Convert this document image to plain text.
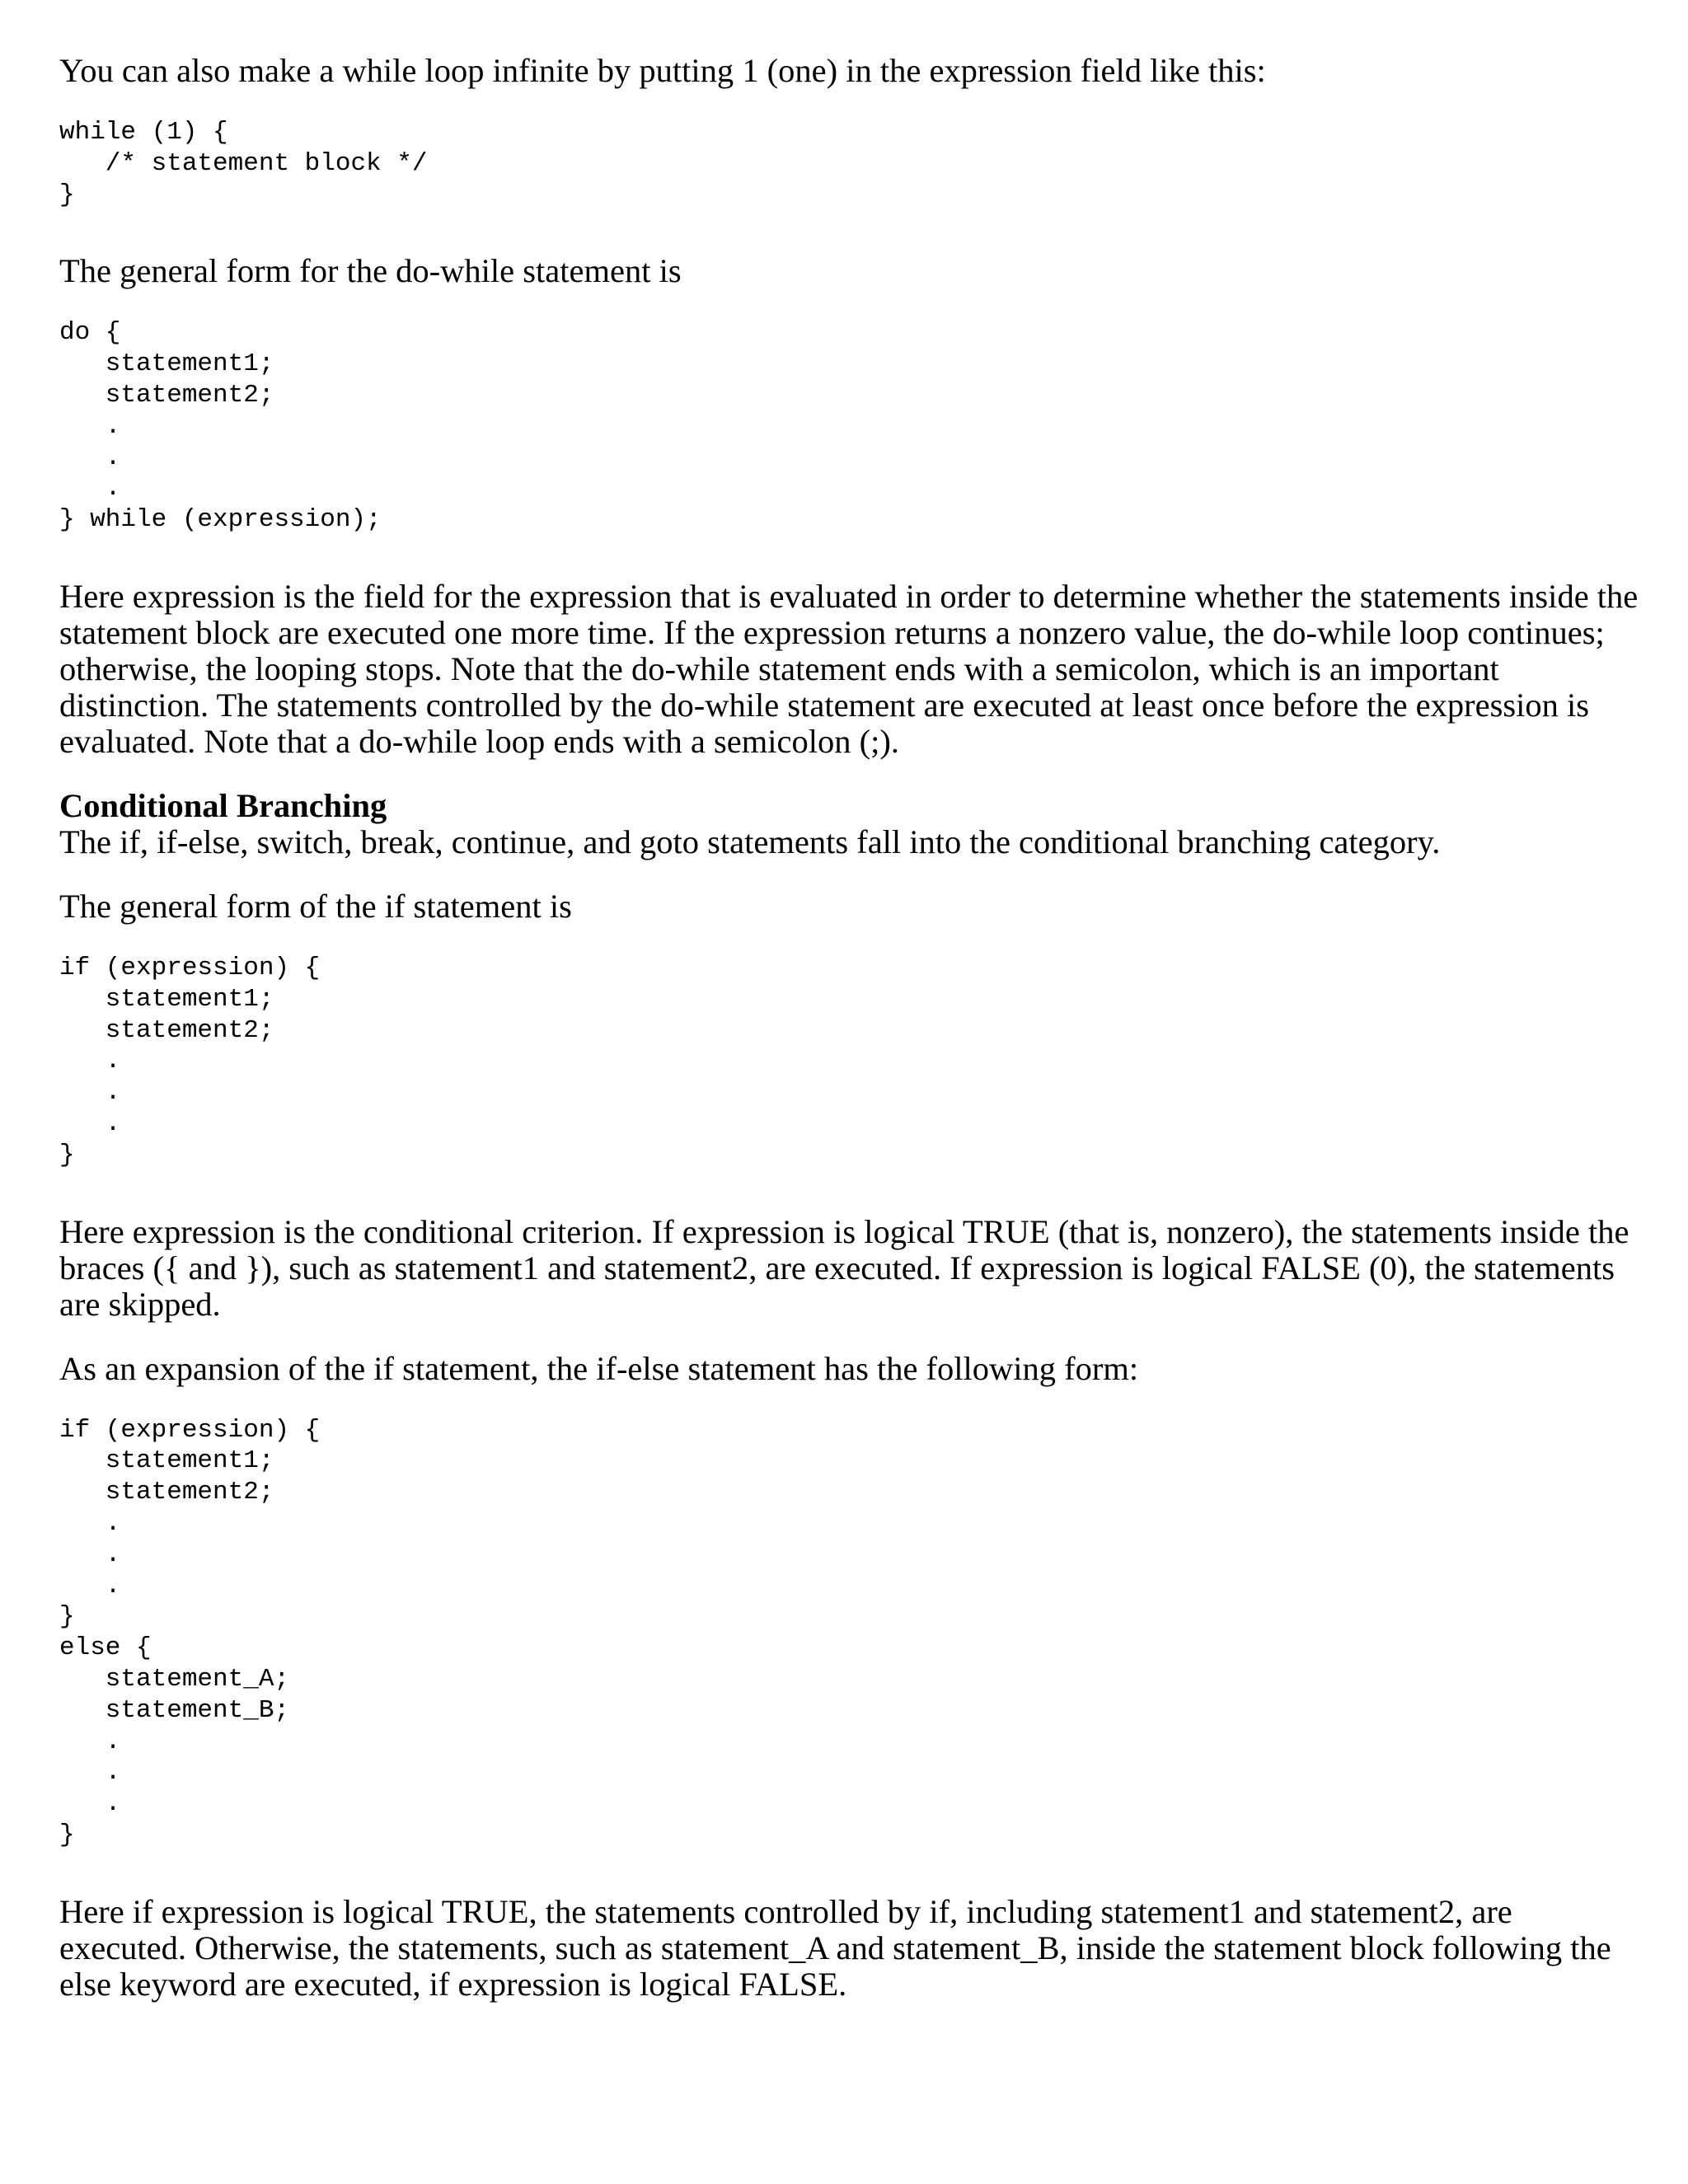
You can also make a while loop infinite by putting 1 (one) in the expression field like this:

while (1) {
/* statement block */
}

The general form for the do-while statement is

do {
statement1;
statement2;
.
.
.
} while (expression);

Here expression is the field for the expression that is evaluated in order to determine whether the statements inside the statement block are executed one more time. If the expression returns a nonzero value, the do-while loop continues; otherwise, the looping stops. Note that the do-while statement ends with a semicolon, which is an important distinction. The statements controlled by the do-while statement are executed at least once before the expression is evaluated. Note that a do-while loop ends with a semicolon (;).

Conditional Branching

The if, if-else, switch, break, continue, and goto statements fall into the conditional branching category.

The general form of the if statement is

if (expression) {
statement1;
statement2;
.
.
.
}

Here expression is the conditional criterion. If expression is logical TRUE (that is, nonzero), the statements inside the braces ({ and }), such as statement1 and statement2, are executed. If expression is logical FALSE (0), the statements are skipped.

As an expansion of the if statement, the if-else statement has the following form:

if (expression) {
statement1;
statement2;
.
.
.
}
else {
statement_A;
statement_B;
.
.
.
}

Here if expression is logical TRUE, the statements controlled by if, including statement1 and statement2, are executed. Otherwise, the statements, such as statement_A and statement_B, inside the statement block following the else keyword are executed, if expression is logical FALSE.
